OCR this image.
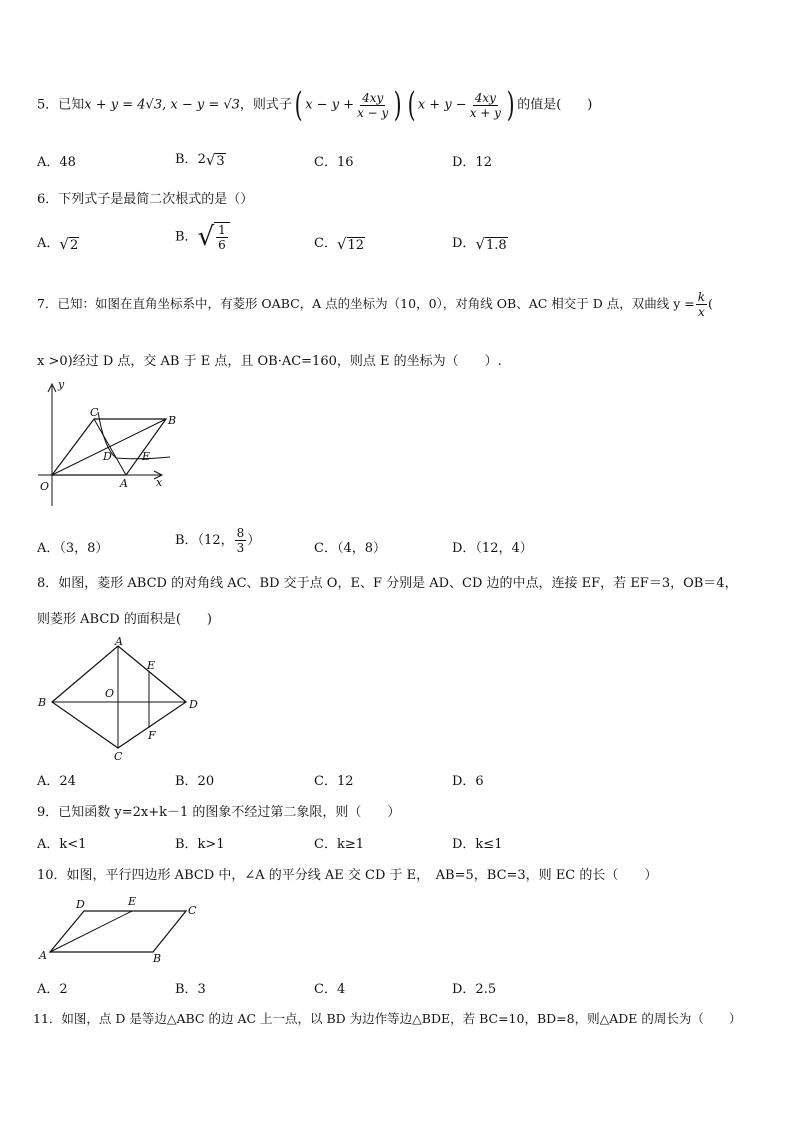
5．已知x + y = 4√3, x − y = √3，则式子( $x - y + \frac{4xy}{x - y}$ ) ( $x + y - \frac{4xy}{x + y}$ ) 的值是(　　)
A．48	B．2 √ 3	C．16	D．12
6．下列式子是最简二次根式的是（）
A． √ 2
B． √ $\frac{1}{6}$	C． √ 12	D． √ 1.8
7．已知：如图在直角坐标系中，有菱形 OABC，A 点的坐标为（10，0），对角线 OB、AC 相交于 D 点，双曲线 $y = \frac{k}{x}$ (
x >0)经过 D 点，交 AB 于 E 点，且 OB·AC=160，则点 E 的坐标为（　　）.
y
C
B
D	E
O	A	x
A．（3，8）
B．（12， $\frac{8}{3}$ ）
C．（4，8）	D．（12，4）
8．如图，菱形 ABCD 的对角线 AC、BD 交于点 O，E、F 分别是 AD、CD 边的中点，连接 EF，若 EF＝3，OB＝4，
则菱形 ABCD 的面积是(　　)
A
E
B
O
D
F
C
A．24	B．20	C．12	D．6
9．已知函数 y=2x+k－1 的图象不经过第二象限，则（　　）
A．k<1	B．k>1	C．k≥1	D．k≤1
10．如图，平行四边形 ABCD 中，∠A 的平分线 AE 交 CD 于 E，　AB=5，BC=3，则 EC 的长（　　）
D	E
C
A	B
A．2	B．3	C．4	D．2.5
11．如图，点 D 是等边△ABC 的边 AC 上一点，以 BD 为边作等边△BDE，若 BC=10，BD=8，则△ADE 的周长为（　　）
